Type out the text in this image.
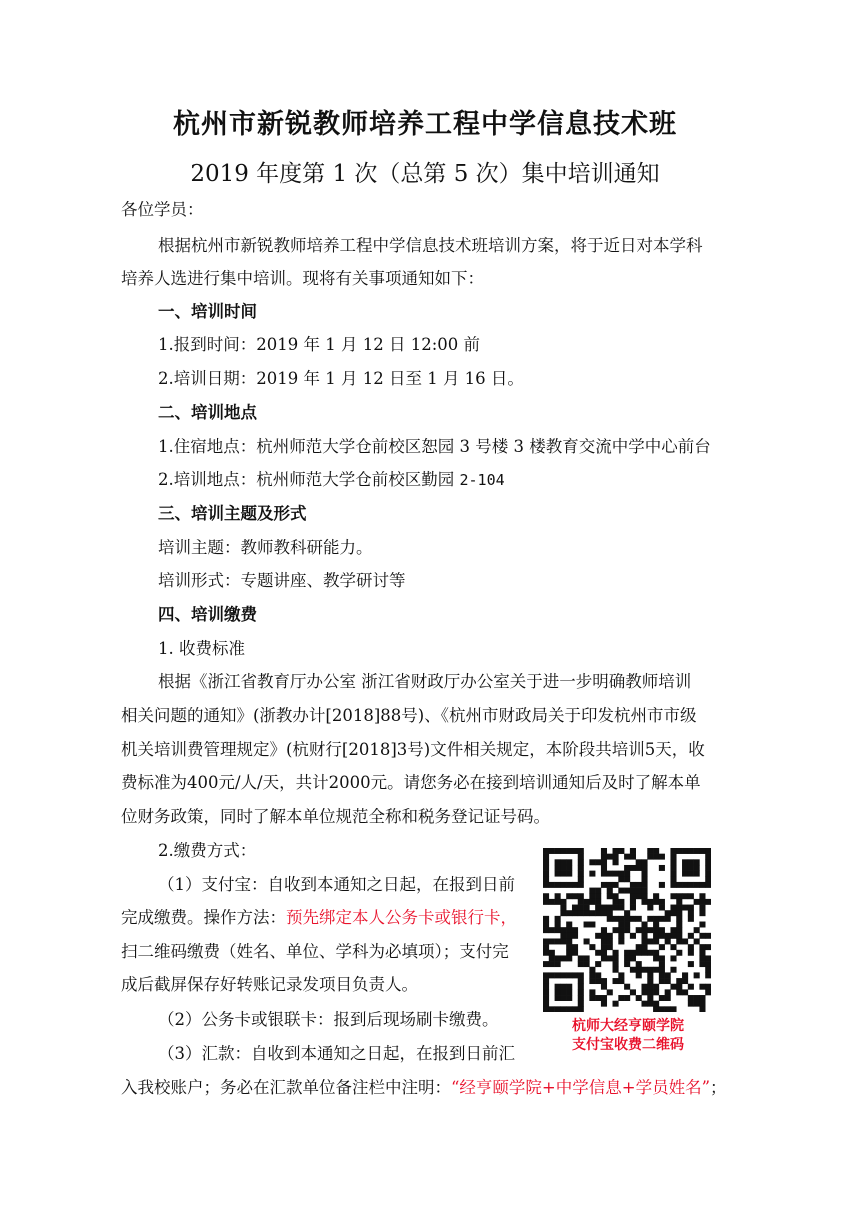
杭州市新锐教师培养工程中学信息技术班
2019 年度第 1 次（总第 5 次）集中培训通知
各位学员：
根据杭州市新锐教师培养工程中学信息技术班培训方案，将于近日对本学科
培养人选进行集中培训。现将有关事项通知如下：
一、培训时间
1.报到时间：2019 年 1 月 12 日 12:00 前
2.培训日期：2019 年 1 月 12 日至 1 月 16 日。
二、培训地点
1.住宿地点：杭州师范大学仓前校区恕园 3 号楼 3 楼教育交流中学中心前台
2.培训地点：杭州师范大学仓前校区勤园 2-104
三、培训主题及形式
培训主题：教师教科研能力。
培训形式：专题讲座、教学研讨等
四、培训缴费
1. 收费标准
根据《浙江省教育厅办公室 浙江省财政厅办公室关于进一步明确教师培训
相关问题的通知》(浙教办计[2018]88号)、《杭州市财政局关于印发杭州市市级
机关培训费管理规定》(杭财行[2018]3号)文件相关规定，本阶段共培训5天，收
费标准为400元/人/天，共计2000元。请您务必在接到培训通知后及时了解本单
位财务政策，同时了解本单位规范全称和税务登记证号码。
2.缴费方式：
（1）支付宝：自收到本通知之日起，在报到日前
完成缴费。操作方法：预先绑定本人公务卡或银行卡，
扫二维码缴费（姓名、单位、学科为必填项）；支付完
成后截屏保存好转账记录发项目负责人。
（2）公务卡或银联卡：报到后现场刷卡缴费。
（3）汇款：自收到本通知之日起，在报到日前汇
入我校账户；务必在汇款单位备注栏中注明：“经亨颐学院+中学信息+学员姓名”；
杭师大经亨颐学院
支付宝收费二维码
